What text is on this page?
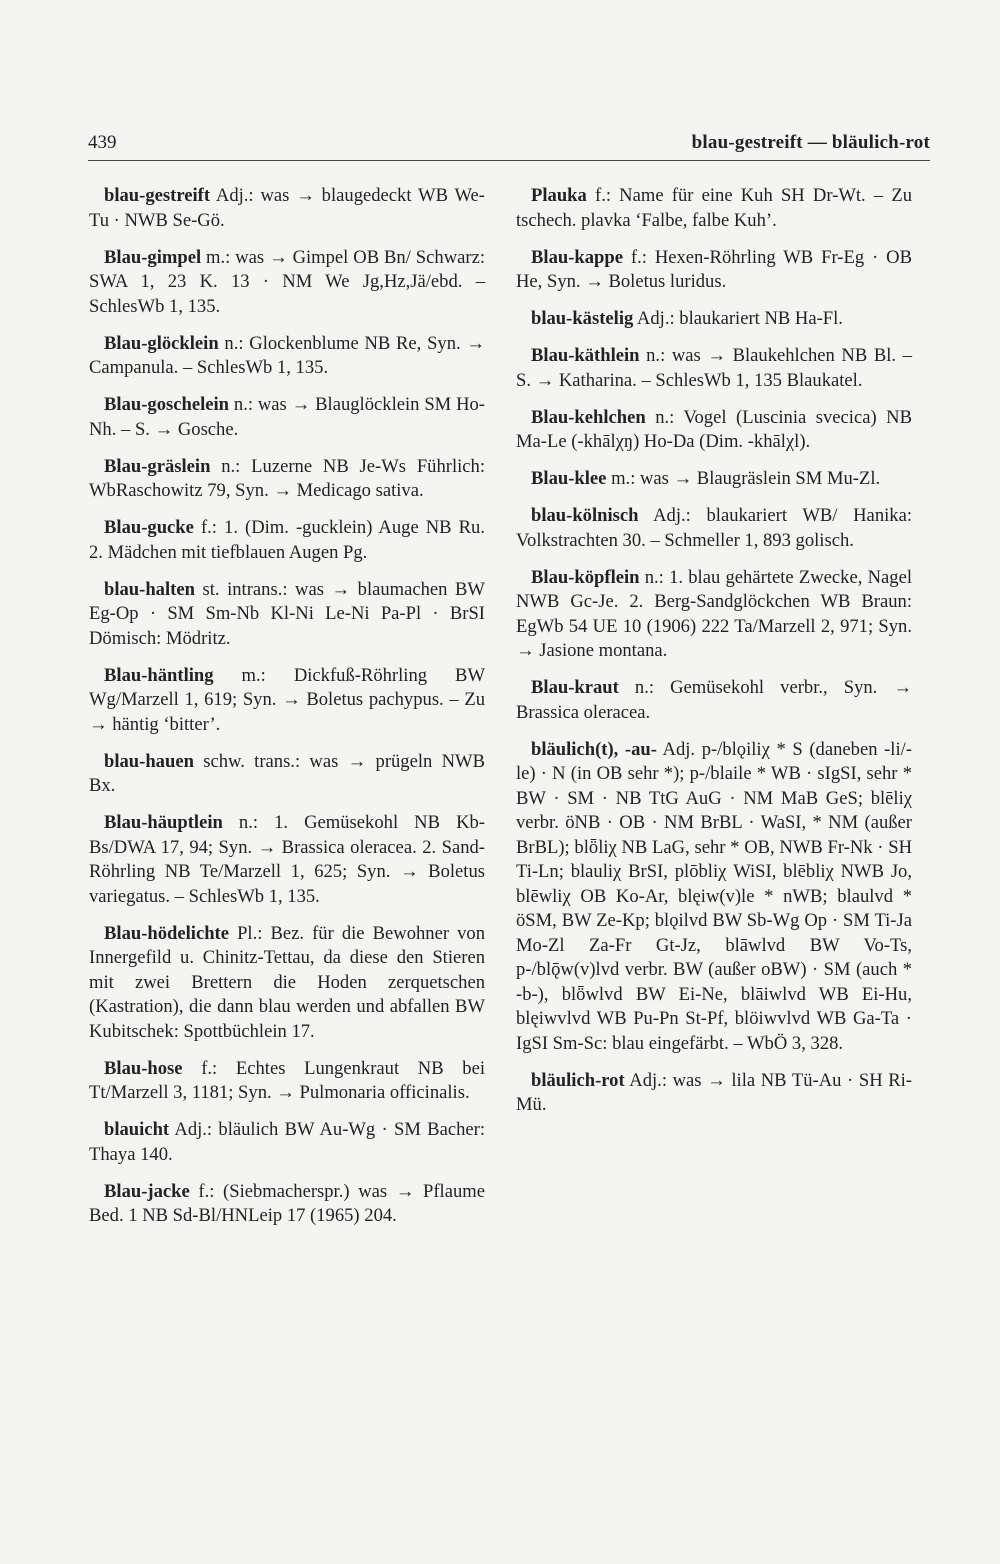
439	blau-gestreift — bläulich-rot

blau-gestreift Adj.: was → blaugedeckt WB We-Tu · NWB Se-Gö.

Blau-gimpel m.: was → Gimpel OB Bn/ Schwarz: SWA 1, 23 K. 13 · NM We Jg,Hz,Jä/ebd. – SchlesWb 1, 135.

Blau-glöcklein n.: Glockenblume NB Re, Syn. → Campanula. – SchlesWb 1, 135.

Blau-goschelein n.: was → Blauglöcklein SM Ho-Nh. – S. → Gosche.

Blau-gräslein n.: Luzerne NB Je-Ws Führlich: WbRaschowitz 79, Syn. → Medicago sativa.

Blau-gucke f.: 1. (Dim. -gucklein) Auge NB Ru. 2. Mädchen mit tiefblauen Augen Pg.

blau-halten st. intrans.: was → blaumachen BW Eg-Op · SM Sm-Nb Kl-Ni Le-Ni Pa-Pl · BrSI Dömisch: Mödritz.

Blau-häntling m.: Dickfuß-Röhrling BW Wg/Marzell 1, 619; Syn. → Boletus pachypus. – Zu → häntig ‘bitter’.

blau-hauen schw. trans.: was → prügeln NWB Bx.

Blau-häuptlein n.: 1. Gemüsekohl NB Kb-Bs/DWA 17, 94; Syn. → Brassica oleracea. 2. Sand-Röhrling NB Te/Marzell 1, 625; Syn. → Boletus variegatus. – SchlesWb 1, 135.

Blau-hödelichte Pl.: Bez. für die Bewohner von Innergefild u. Chinitz-Tettau, da diese den Stieren mit zwei Brettern die Hoden zerquetschen (Kastration), die dann blau werden und abfallen BW Kubitschek: Spottbüchlein 17.

Blau-hose f.: Echtes Lungenkraut NB bei Tt/Marzell 3, 1181; Syn. → Pulmonaria officinalis.

blauicht Adj.: bläulich BW Au-Wg · SM Bacher: Thaya 140.

Blau-jacke f.: (Siebmacherspr.) was → Pflaume Bed. 1 NB Sd-Bl/HNLeip 17 (1965) 204.

Plauka f.: Name für eine Kuh SH Dr-Wt. – Zu tschech. plavka ‘Falbe, falbe Kuh’.

Blau-kappe f.: Hexen-Röhrling WB Fr-Eg · OB He, Syn. → Boletus luridus.

blau-kästelig Adj.: blaukariert NB Ha-Fl.

Blau-käthlein n.: was → Blaukehlchen NB Bl. – S. → Katharina. – SchlesWb 1, 135 Blaukatel.

Blau-kehlchen n.: Vogel (Luscinia svecica) NB Ma-Le (-khālχŋ) Ho-Da (Dim. -khālχl).

Blau-klee m.: was → Blaugräslein SM Mu-Zl.

blau-kölnisch Adj.: blaukariert WB/ Hanika: Volkstrachten 30. – Schmeller 1, 893 golisch.

Blau-köpflein n.: 1. blau gehärtete Zwecke, Nagel NWB Gc-Je. 2. Berg-Sandglöckchen WB Braun: EgWb 54 UE 10 (1906) 222 Ta/Marzell 2, 971; Syn. → Jasione montana.

Blau-kraut n.: Gemüsekohl verbr., Syn. → Brassica oleracea.

bläulich(t), -au- Adj. p-/blǫiliχ * S (daneben -li/-le) · N (in OB sehr *); p-/blaile * WB · sIgSI, sehr * BW · SM · NB TtG AuG · NM MaB GeS; blēliχ verbr. öNB · OB · NM BrBL · WaSI, * NM (außer BrBL); blȫliχ NB LaG, sehr * OB, NWB Fr-Nk · SH Ti-Ln; blauliχ BrSI, plōbliχ WiSI, blēbliχ NWB Jo, blēwliχ OB Ko-Ar, blęiw(v)le * nWB; blaulvd * öSM, BW Ze-Kp; blǫilvd BW Sb-Wg Op · SM Ti-Ja Mo-Zl Za-Fr Gt-Jz, blāwlvd BW Vo-Ts, p-/blǭw(v)lvd verbr. BW (außer oBW) · SM (auch * -b-), blȫwlvd BW Ei-Ne, blāiwlvd WB Ei-Hu, blęiwvlvd WB Pu-Pn St-Pf, blöiwvlvd WB Ga-Ta · IgSI Sm-Sc: blau eingefärbt. – WbÖ 3, 328.

bläulich-rot Adj.: was → lila NB Tü-Au · SH Ri-Mü.
